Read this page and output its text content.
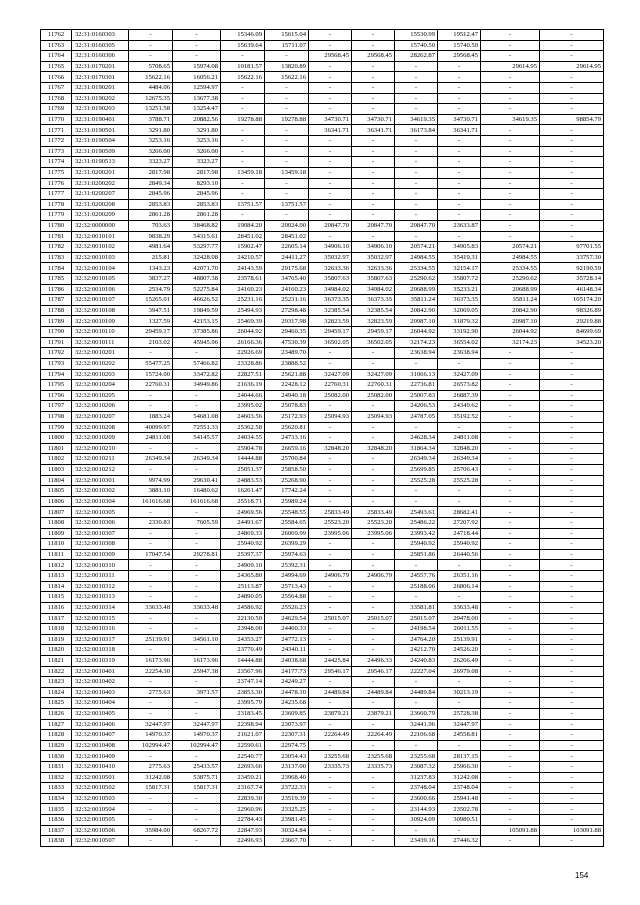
11762	32:31:0160303	-	-	15346.09	15615.04	-	-	15530.99	19512.47	-	-
11763	32:31:0160305	-	-	15639.64	15711.07	-	-	15740.50	15740.50	-	-
11764	32:31:0160306	-	-	-	-	29568.45	29568.45	28262.87	29568.45	-	-
11765	32:31:0170201	5708.65	15974.08	10181.57	13820.89	-	-	-	-	29614.95	29614.95
11766	32:31:0170301	15622.16	16056.21	15622.16	15622.16	-	-	-	-	-	-
11767	32:31:0190201	4484.06	12594.97	-	-	-	-	-	-	-	-
11768	32:31:0190202	12675.35	13677.38	-	-	-	-	-	-	-	-
11769	32:31:0190203	13251.58	13254.47	-	-	-	-	-	-	-	-
11770	32:31:0190401	3788.71	20882.56	19278.88	19278.88	34730.71	34730.71	34619.35	34730.71	34619.35	98854.79
11771	32:31:0190501	3291.80	3291.80	-	-	36341.71	36341.71	36173.84	36341.71	-	-
11772	32:31:0190504	3253.16	3253.16	-	-	-	-	-	-	-	-
11773	32:31:0190509	3266.00	3266.00	-	-	-	-	-	-	-	-
11774	32:31:0190513	3323.27	3323.27	-	-	-	-	-	-	-	-
11775	32:31:0200201	2817.98	2817.98	13459.18	13459.18	-	-	-	-	-	-
11776	32:31:0200202	2849.34	8293.10	-	-	-	-	-	-	-	-
11777	32:31:0200207	2845.96	2845.96	-	-	-	-	-	-	-	-
11778	32:31:0200208	2853.83	2853.83	13751.57	13751.57	-	-	-	-	-	-
11779	32:31:0200209	2861.28	2861.28	-	-	-	-	-	-	-	-
11780	32:32:0000000	703.63	38468.82	19084.20	20024.00	20847.70	20847.70	20847.70	23633.87	-	-
11781	32:32:0010101	9838.29	54315.61	28451.02	28451.02	-	-	-	-	-	-
11782	32:32:0010102	4981.64	53297.77	15902.47	22605.14	34906.10	34906.10	20574.21	34905.83	20574.21	97701.55
11783	32:32:0010103	215.81	32428.08	24210.57	24411.27	35032.97	35032.97	24984.55	35419.31	24984.55	33757.30
11784	32:32:0010104	1343.23	42071.70	24143.59	29175.68	32633.36	32633.36	25334.55	32154.17	25334.55	92190.59
11785	32:32:0010105	3837.27	48807.38	23578.61	34765.40	35807.63	35807.63	25290.62	35807.72	25290.62	35728.14
11786	32:32:0010106	2534.79	52275.84	24160.23	24160.23	34984.02	34984.02	20688.99	35233.21	20688.99	46148.34
11787	32:32:0010107	15265.01	46626.52	25231.16	25231.16	36373.35	36373.35	35811.24	36373.35	35811.24	105174.20
11788	32:32:0010108	3947.51	19849.59	25494.93	27298.48	32385.54	32385.54	20842.90	32069.05	20842.90	98326.89
11789	32:32:0010109	1327.59	42153.15	25469.39	29317.98	32823.59	32823.59	20987.10	31879.32	20987.10	29219.88
11790	32:32:0010110	29459.17	37385.86	26044.92	29460.35	29459.17	29459.17	26044.92	33192.90	26044.92	84699.69
11791	32:32:0010111	2103.02	45945.96	26166.36	47530.39	36502.05	36502.05	32174.23	36554.02	32174.23	34523.20
11792	32:32:0010201	-	-	22926.69	23489.70	-	-	23638.94	23638.94	-	-
11793	32:32:0010202	55477.25	57466.82	23328.86	23888.52	-	-	-	-	-	-
11794	32:32:0010203	15724.00	33472.82	22827.51	25621.88	32427.09	32427.09	31066.13	32427.09	-	-
11795	32:32:0010204	22760.31	34949.86	21636.19	22428.12	22760.31	22760.31	22736.81	26573.82	-	-
11796	32:32:0010205	-	-	24044.66	24940.18	25082.00	25082.00	25007.83	26887.39	-	-
11797	32:32:0010206	-	-	23995.02	25078.83	-	-	24206.53	24349.62	-	-
11798	32:32:0010207	1883.24	54681.08	24603.56	25172.93	25094.93	25094.93	24787.05	35192.52	-	-
11799	32:32:0010208	40099.97	72551.33	25362.58	25620.81	-	-	-	-	-	-
11800	32:32:0010209	24811.08	54145.57	24034.55	24733.16	-	-	24628.34	24811.08	-	-
11801	32:32:0010210	-	-	25904.78	26659.16	32848.20	32848.20	31864.34	32848.20	-	-
11802	32:32:0010211	26349.34	26349.34	14444.88	25700.84	-	-	26349.34	26349.34	-	-
11803	32:32:0010212	-	-	25051.37	25858.50	-	-	25699.85	25706.43	-	-
11804	32:32:0010301	9974.99	29630.41	24883.53	25268.90	-	-	25525.28	25525.28	-	-
11805	32:32:0010302	3881.10	16480.62	16261.47	17742.24	-	-	-	-	-	-
11806	32:32:0010304	161616.68	161616.68	25518.71	25989.24	-	-	-	-	-	-
11807	32:32:0010305	-	-	24969.56	25548.55	25833.49	25833.49	25493.61	28682.41	-	-
11808	32:32:0010306	2330.83	7605.59	24491.67	25584.65	25523.20	25523.20	25486.22	27207.92	-	-
11809	32:32:0010307	-	-	24869.33	26069.99	23995.06	23995.06	23993.42	24718.44	-	-
11810	32:32:0010308	-	-	25940.92	26399.29	-	-	25940.92	25940.92	-	-
11811	32:32:0010309	17047.54	29278.81	25397.37	25974.63	-	-	25851.86	26440.56	-	-
11812	32:32:0010310	-	-	24909.10	25392.31	-	-	-	-	-	-
11813	32:32:0010311	-	-	24365.80	24994.69	24906.79	24906.79	24557.76	26351.16	-	-
11814	32:32:0010312	-	-	25113.87	25713.43	-	-	25188.06	26806.14	-	-
11815	32:32:0010313	-	-	24890.05	25564.88	-	-	-	-	-	-
11816	32:32:0010314	33633.48	33633.48	24586.92	25526.23	-	-	33581.81	33633.48	-	-
11817	32:32:0010315	-	-	22130.50	24629.54	25015.07	25015.07	25015.07	29478.00	-	-
11818	32:32:0010316	-	-	23948.00	24460.33	-	-	24198.54	26011.55	-	-
11819	32:32:0010317	25139.91	34561.10	24353.27	24772.13	-	-	24764.20	25139.91	-	-
11820	32:32:0010318	-	-	23770.49	24340.11	-	-	24212.70	24526.20	-	-
11821	32:32:0010319	16173.96	16173.96	14444.88	24038.68	24425.84	24496.33	24240.83	26266.49	-	-
11822	32:32:0010401	22254.30	25947.38	23567.96	24177.73	29546.17	29546.17	22227.04	26979.08	-	-
11823	32:32:0010402	-	-	23747.14	24249.27	-	-	-	-	-	-
11824	32:32:0010403	2775.63	3971.57	23853.30	24478.10	24489.84	24489.84	24489.84	30213.19	-	-
11825	32:32:0010404	-	-	23995.79	24235.68	-	-	-	-	-	-
11826	32:32:0010405	-	-	23183.45	23609.85	23879.21	23879.21	23660.79	25728.38	-	-
11827	32:32:0010406	32447.97	32447.97	22398.94	23073.97	-	-	32441.96	32447.97	-	-
11828	32:32:0010407	14970.37	14970.37	21621.07	22307.31	22264.49	22264.49	22106.68	24558.81	-	-
11829	32:32:0010408	102994.47	102994.47	22590.61	22974.75	-	-	-	-	-	-
11830	32:32:0010409	-	-	22540.77	23054.43	23255.68	23255.68	23255.68	28137.15	-	-
11831	32:32:0010410	2775.63	25433.57	22693.66	23137.00	23335.73	23335.73	23087.32	25966.30	-	-
11832	32:32:0010501	31242.08	53875.71	23450.21	23968.40	-	-	31237.83	31242.08	-	-
11833	32:32:0010502	15817.31	15817.31	23167.74	23722.33	-	-	23748.04	23748.04	-	-
11834	32:32:0010503	-	-	22839.30	23519.39	-	-	23600.66	25941.48	-	-
11835	32:32:0010504	-	-	22960.96	23325.25	-	-	23144.93	23502.78	-	-
11836	32:32:0010505	-	-	22784.43	23981.45	-	-	30924.09	30980.51	-	-
11837	32:32:0010506	35984.00	68267.72	22847.93	30324.84	-	-	-	-	105091.88	103091.88
11838	32:32:0010507	-	-	22496.93	23667.70	-	-	23439.16	27446.32	-	-
154
